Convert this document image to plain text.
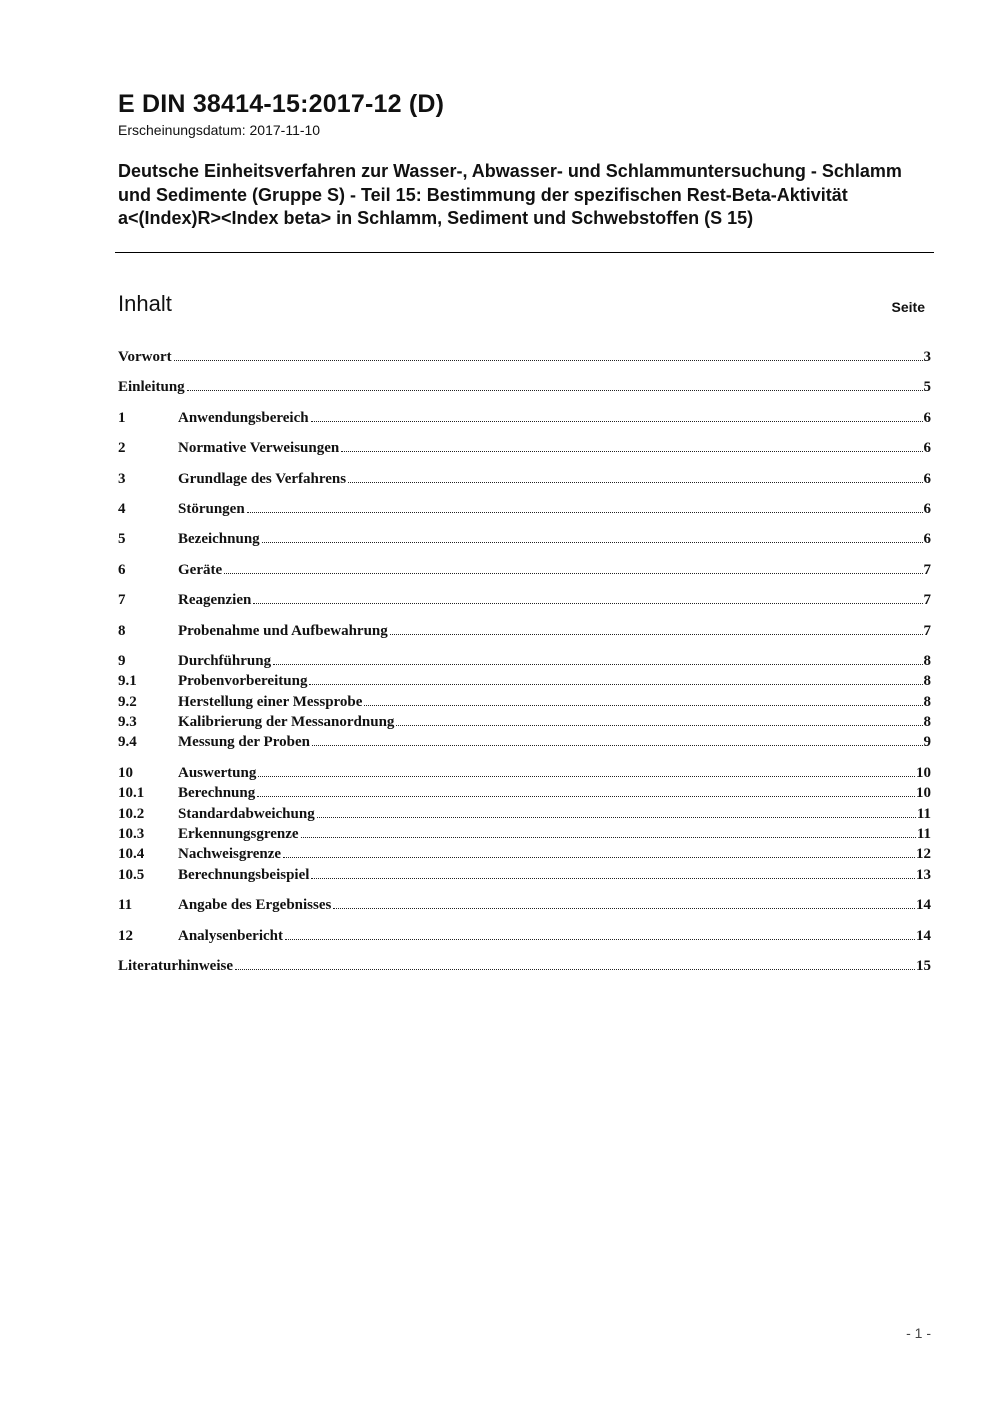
E DIN 38414-15:2017-12 (D)
Erscheinungsdatum: 2017-11-10
Deutsche Einheitsverfahren zur Wasser-, Abwasser- und Schlammuntersuchung - Schlamm und Sedimente (Gruppe S) - Teil 15: Bestimmung der spezifischen Rest-Beta-Aktivität a<(Index)R><Index beta> in Schlamm, Sediment und Schwebstoffen (S 15)
Inhalt	Seite
Vorwort	3
Einleitung	5
1	Anwendungsbereich	6
2	Normative Verweisungen	6
3	Grundlage des Verfahrens	6
4	Störungen	6
5	Bezeichnung	6
6	Geräte	7
7	Reagenzien	7
8	Probenahme und Aufbewahrung	7
9	Durchführung	8
9.1	Probenvorbereitung	8
9.2	Herstellung einer Messprobe	8
9.3	Kalibrierung der Messanordnung	8
9.4	Messung der Proben	9
10	Auswertung	10
10.1	Berechnung	10
10.2	Standardabweichung	11
10.3	Erkennungsgrenze	11
10.4	Nachweisgrenze	12
10.5	Berechnungsbeispiel	13
11	Angabe des Ergebnisses	14
12	Analysenbericht	14
Literaturhinweise	15
- 1 -
